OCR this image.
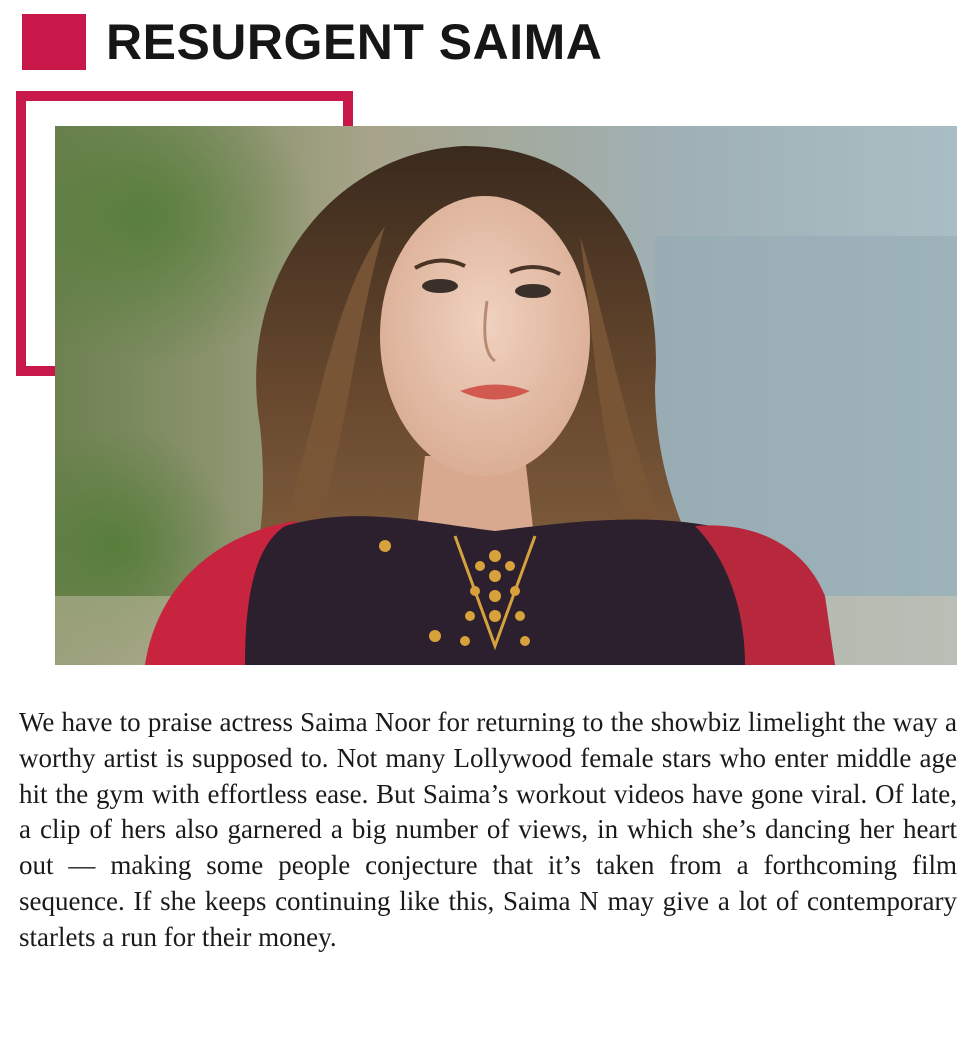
RESURGENT SAIMA

We have to praise actress Saima Noor for returning to the showbiz limelight the way a worthy artist is supposed to. Not many Lollywood female stars who enter middle age hit the gym with effortless ease. But Saima’s workout videos have gone viral. Of late, a clip of hers also garnered a big number of views, in which she’s dancing her heart out — making some people conjecture that it’s taken from a forthcoming film sequence. If she keeps continuing like this, Saima N may give a lot of contemporary starlets a run for their money.
